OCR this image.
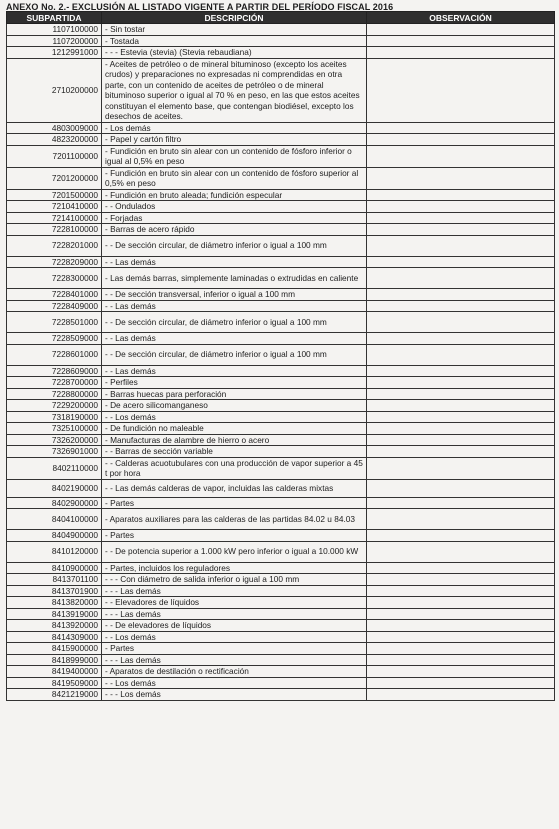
ANEXO No. 2.- EXCLUSIÓN AL LISTADO VIGENTE A PARTIR DEL PERÍODO FISCAL 2016
SUBPARTIDA	DESCRIPCIÓN	OBSERVACIÓN
1107100000	- Sin tostar	
1107200000	- Tostada	
1212991000	- - - Estevia (stevia) (Stevia rebaudiana)	
2710200000	- Aceites de petróleo o de mineral bituminoso (excepto los aceites crudos) y preparaciones no expresadas ni comprendidas en otra parte, con un contenido de aceites de petróleo o de mineral bituminoso superior o igual al 70 % en peso, en las que estos aceites constituyan el elemento base, que contengan biodiésel, excepto los desechos de aceites.	
4803009000	- Los demás	
4823200000	- Papel y cartón filtro	
7201100000	- Fundición en bruto sin alear con un contenido de fósforo inferior o igual al 0,5% en peso	
7201200000	- Fundición en bruto sin alear con un contenido de fósforo superior al 0,5% en peso	
7201500000	- Fundición en bruto aleada; fundición especular	
7210410000	- - Ondulados	
7214100000	- Forjadas	
7228100000	- Barras de acero rápido	
7228201000	- - De sección circular, de diámetro inferior o igual a 100 mm	
7228209000	- - Las demás	
7228300000	- Las demás barras, simplemente laminadas o extrudidas en caliente	
7228401000	- - De sección transversal, inferior o igual a 100 mm	
7228409000	- - Las demás	
7228501000	- - De sección circular, de diámetro inferior o igual a 100 mm	
7228509000	- - Las demás	
7228601000	- - De sección circular, de diámetro inferior o igual a 100 mm	
7228609000	- - Las demás	
7228700000	- Perfiles	
7228800000	- Barras huecas para perforación	
7229200000	- De acero silicomanganeso	
7318190000	- - Los demás	
7325100000	- De fundición no maleable	
7326200000	- Manufacturas de alambre de hierro o acero	
7326901000	- - Barras de sección variable	
8402110000	- - Calderas acuotubulares con una producción de vapor superior a 45 t por hora	
8402190000	- - Las demás calderas de vapor, incluidas las calderas mixtas	
8402900000	- Partes	
8404100000	- Aparatos auxiliares para las calderas de las partidas 84.02 u 84.03	
8404900000	- Partes	
8410120000	- - De potencia superior a 1.000 kW pero inferior o igual a 10.000 kW	
8410900000	- Partes, incluidos los reguladores	
8413701100	- - - Con diámetro de salida inferior o igual a 100 mm	
8413701900	- - - Las demás	
8413820000	- - Elevadores de líquidos	
8413919000	- - - Las demás	
8413920000	- - De elevadores de líquidos	
8414309000	- - Los demás	
8415900000	- Partes	
8418999000	- - - Las demás	
8419400000	- Aparatos de destilación o rectificación	
8419509000	- - Los demás	
8421219000	- - - Los demás	
